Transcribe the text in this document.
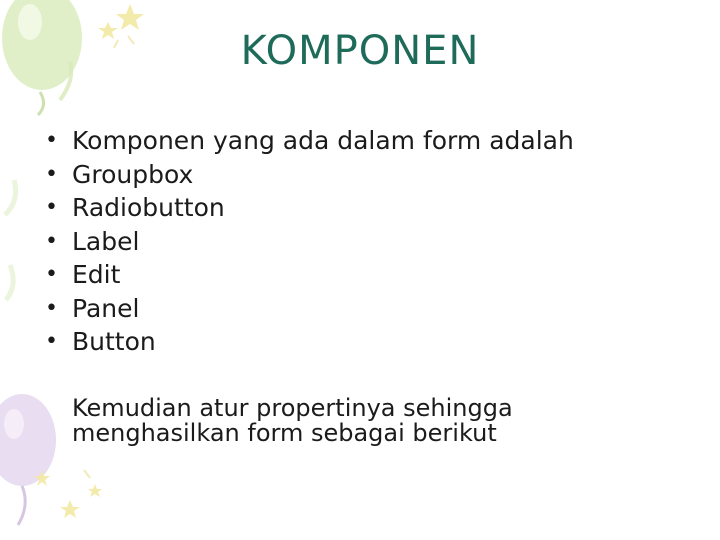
KOMPONEN
• Komponen yang ada dalam form adalah
• Groupbox
• Radiobutton
• Label
• Edit
• Panel
• Button

Kemudian atur propertinya sehingga
menghasilkan form sebagai berikut
